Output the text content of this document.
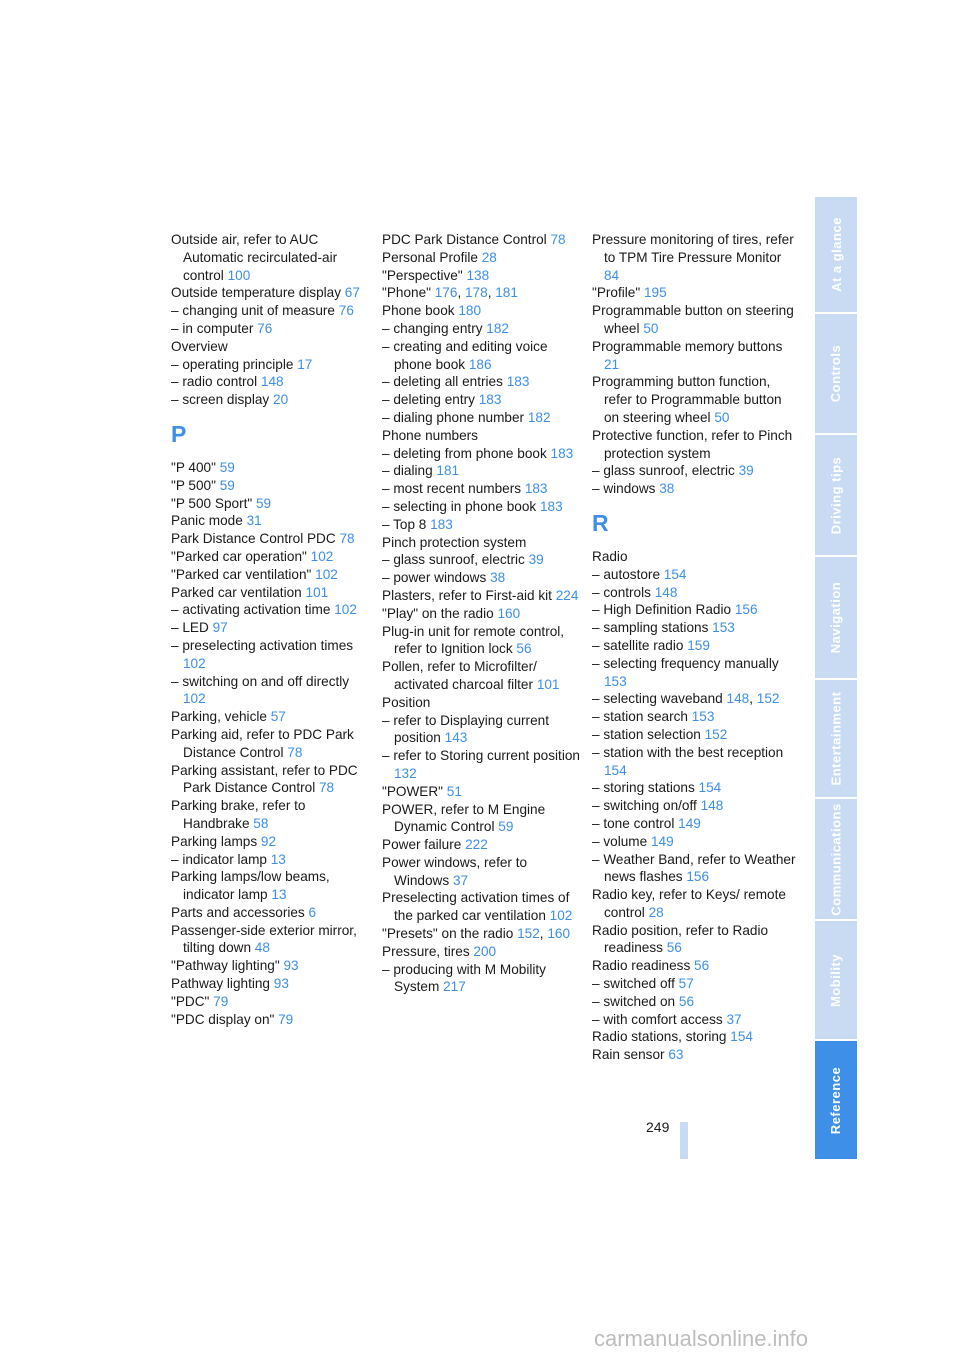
Outside air, refer to AUC Automatic recirculated-air control 100
Outside temperature display 67
– changing unit of measure 76
– in computer 76
Overview
– operating principle 17
– radio control 148
– screen display 20
P
"P 400" 59
"P 500" 59
"P 500 Sport" 59
Panic mode 31
Park Distance Control PDC 78
"Parked car operation" 102
"Parked car ventilation" 102
Parked car ventilation 101
– activating activation time 102
– LED 97
– preselecting activation times 102
– switching on and off directly 102
Parking, vehicle 57
Parking aid, refer to PDC Park Distance Control 78
Parking assistant, refer to PDC Park Distance Control 78
Parking brake, refer to Handbrake 58
Parking lamps 92
– indicator lamp 13
Parking lamps/low beams, indicator lamp 13
Parts and accessories 6
Passenger-side exterior mirror, tilting down 48
"Pathway lighting" 93
Pathway lighting 93
"PDC" 79
"PDC display on" 79
PDC Park Distance Control 78
Personal Profile 28
"Perspective" 138
"Phone" 176, 178, 181
Phone book 180
– changing entry 182
– creating and editing voice phone book 186
– deleting all entries 183
– deleting entry 183
– dialing phone number 182
Phone numbers
– deleting from phone book 183
– dialing 181
– most recent numbers 183
– selecting in phone book 183
– Top 8 183
Pinch protection system
– glass sunroof, electric 39
– power windows 38
Plasters, refer to First-aid kit 224
"Play" on the radio 160
Plug-in unit for remote control, refer to Ignition lock 56
Pollen, refer to Microfilter/ activated charcoal filter 101
Position
– refer to Displaying current position 143
– refer to Storing current position 132
"POWER" 51
POWER, refer to M Engine Dynamic Control 59
Power failure 222
Power windows, refer to Windows 37
Preselecting activation times of the parked car ventilation 102
"Presets" on the radio 152, 160
Pressure, tires 200
– producing with M Mobility System 217
Pressure monitoring of tires, refer to TPM Tire Pressure Monitor 84
"Profile" 195
Programmable button on steering wheel 50
Programmable memory buttons 21
Programming button function, refer to Programmable button on steering wheel 50
Protective function, refer to Pinch protection system
– glass sunroof, electric 39
– windows 38
R
Radio
– autostore 154
– controls 148
– High Definition Radio 156
– sampling stations 153
– satellite radio 159
– selecting frequency manually 153
– selecting waveband 148, 152
– station search 153
– station selection 152
– station with the best reception 154
– storing stations 154
– switching on/off 148
– tone control 149
– volume 149
– Weather Band, refer to Weather news flashes 156
Radio key, refer to Keys/ remote control 28
Radio position, refer to Radio readiness 56
Radio readiness 56
– switched off 57
– switched on 56
– with comfort access 37
Radio stations, storing 154
Rain sensor 63
At a glance
Controls
Driving tips
Navigation
Entertainment
Communications
Mobility
Reference
249
carmanualsonline.info
